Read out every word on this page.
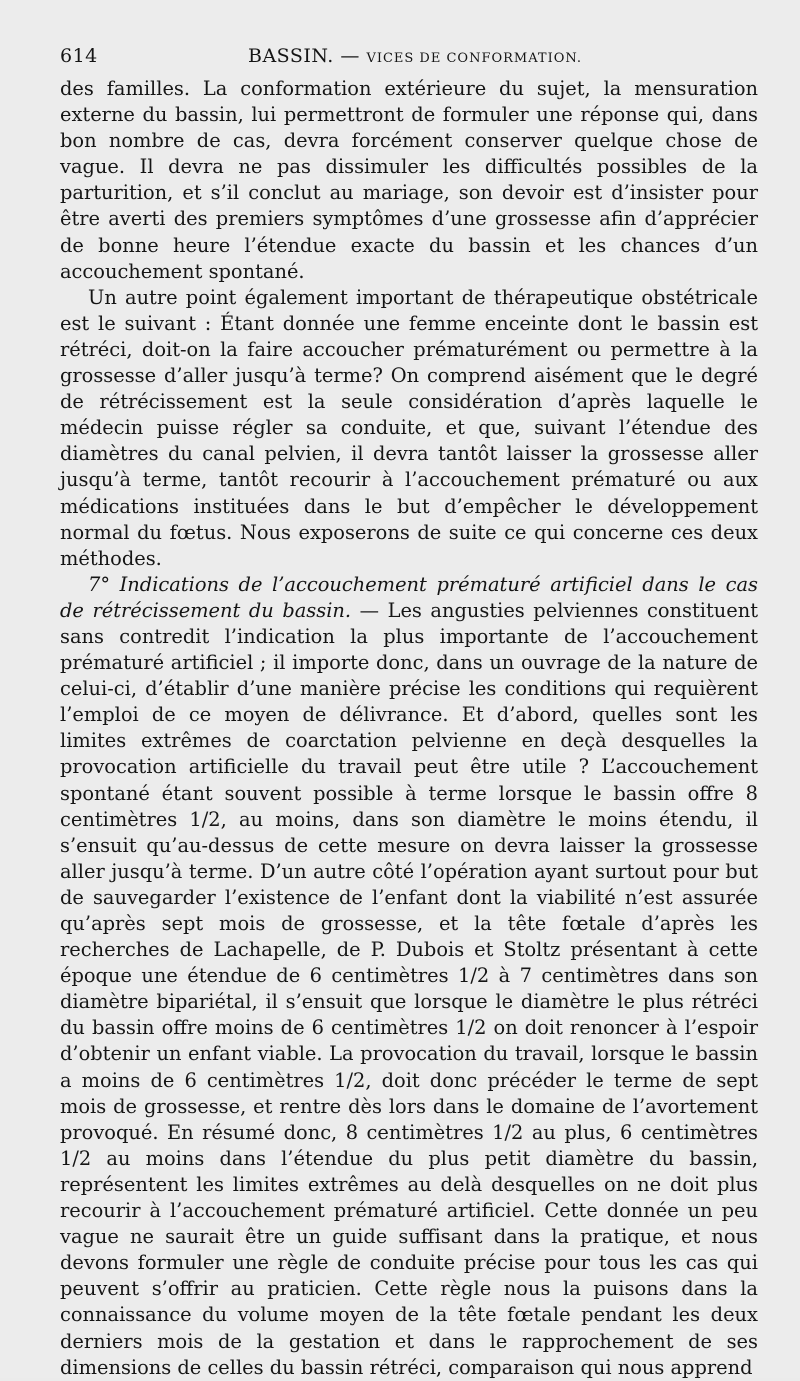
614	BASSIN. — VICES DE CONFORMATION.

des familles. La conformation extérieure du sujet, la mensuration externe du bassin, lui permettront de formuler une réponse qui, dans bon nombre de cas, devra forcément conserver quelque chose de vague. Il devra ne pas dissimuler les difficultés possibles de la parturition, et s’il conclut au mariage, son devoir est d’insister pour être averti des premiers symptômes d’une grossesse afin d’apprécier de bonne heure l’étendue exacte du bassin et les chances d’un accouchement spontané.

Un autre point également important de thérapeutique obstétricale est le suivant : Étant donnée une femme enceinte dont le bassin est rétréci, doit-on la faire accoucher prématurément ou permettre à la grossesse d’aller jusqu’à terme? On comprend aisément que le degré de rétrécissement est la seule considération d’après laquelle le médecin puisse régler sa conduite, et que, suivant l’étendue des diamètres du canal pelvien, il devra tantôt laisser la grossesse aller jusqu’à terme, tantôt recourir à l’accouchement prématuré ou aux médications instituées dans le but d’empêcher le développement normal du fœtus. Nous exposerons de suite ce qui concerne ces deux méthodes.

7° Indications de l’accouchement prématuré artificiel dans le cas de rétrécissement du bassin. — Les angusties pelviennes constituent sans contredit l’indication la plus importante de l’accouchement prématuré artificiel ; il importe donc, dans un ouvrage de la nature de celui-ci, d’établir d’une manière précise les conditions qui requièrent l’emploi de ce moyen de délivrance. Et d’abord, quelles sont les limites extrêmes de coarctation pelvienne en deçà desquelles la provocation artificielle du travail peut être utile ? L’accouchement spontané étant souvent possible à terme lorsque le bassin offre 8 centimètres 1/2, au moins, dans son diamètre le moins étendu, il s’ensuit qu’au-dessus de cette mesure on devra laisser la grossesse aller jusqu’à terme. D’un autre côté l’opération ayant surtout pour but de sauvegarder l’existence de l’enfant dont la viabilité n’est assurée qu’après sept mois de grossesse, et la tête fœtale d’après les recherches de Lachapelle, de P. Dubois et Stoltz présentant à cette époque une étendue de 6 centimètres 1/2 à 7 centimètres dans son diamètre bipariétal, il s’ensuit que lorsque le diamètre le plus rétréci du bassin offre moins de 6 centimètres 1/2 on doit renoncer à l’espoir d’obtenir un enfant viable. La provocation du travail, lorsque le bassin a moins de 6 centimètres 1/2, doit donc précéder le terme de sept mois de grossesse, et rentre dès lors dans le domaine de l’avortement provoqué. En résumé donc, 8 centimètres 1/2 au plus, 6 centimètres 1/2 au moins dans l’étendue du plus petit diamètre du bassin, représentent les limites extrêmes au delà desquelles on ne doit plus recourir à l’accouchement prématuré artificiel. Cette donnée un peu vague ne saurait être un guide suffisant dans la pratique, et nous devons formuler une règle de conduite précise pour tous les cas qui peuvent s’offrir au praticien. Cette règle nous la puisons dans la connaissance du volume moyen de la tête fœtale pendant les deux derniers mois de la gestation et dans le rapprochement de ses dimensions de celles du bassin rétréci, comparaison qui nous apprend
